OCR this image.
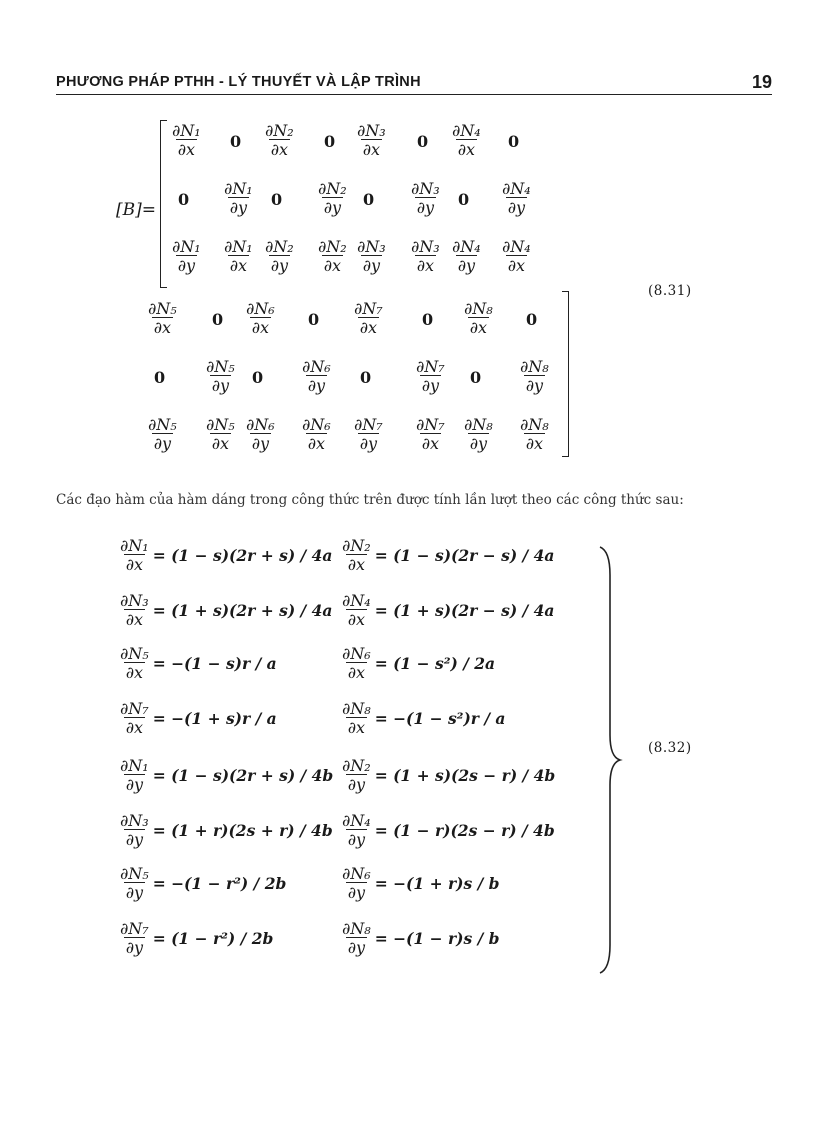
PHƯƠNG PHÁP PTHH - LÝ THUYẾT VÀ LẬP TRÌNH	19
[B]=
$\frac{\text{∂N₁}}{\partial x} 0 \frac{\text{∂N₂}}{\partial x} 0 \frac{\text{∂N₃}}{\partial x} 0 \frac{\text{∂N₄}}{\partial x} 0$
$0 \frac{\text{∂N₁}}{\partial y} 0 \frac{\text{∂N₂}}{\partial y} 0 \frac{\text{∂N₃}}{\partial y} 0 \frac{\text{∂N₄}}{\partial y}$
$\frac{\text{∂N₁}}{\partial y} \frac{\text{∂N₁}}{\partial x} \frac{\text{∂N₂}}{\partial y} \frac{\text{∂N₂}}{\partial x} \frac{\text{∂N₃}}{\partial y} \frac{\text{∂N₃}}{\partial x} \frac{\text{∂N₄}}{\partial y} \frac{\text{∂N₄}}{\partial x}$
$\frac{\text{∂N₅}}{\partial x} 0 \frac{\text{∂N₆}}{\partial x} 0 \frac{\text{∂N₇}}{\partial x} 0 \frac{\text{∂N₈}}{\partial x} 0$
$0 \frac{\text{∂N₅}}{\partial y} 0 \frac{\text{∂N₆}}{\partial y} 0$	$\frac{\text{∂N₇}}{\partial y} 0 \frac{\text{∂N₈}}{\partial y}$
$\frac{\text{∂N₅}}{\partial y} \frac{\text{∂N₅}}{\partial x} \frac{\text{∂N₆}}{\partial y} \frac{\text{∂N₆}}{\partial x} \frac{\text{∂N₇}}{\partial y} \frac{\text{∂N₇}}{\partial x} \frac{\text{∂N₈}}{\partial y} \frac{\text{∂N₈}}{\partial x}$
(8.31)

Các đạo hàm của hàm dáng trong công thức trên được tính lần lượt theo các công thức sau:

$\frac{\text{∂N₁}}{\partial x} = (1 - s)(2r + s) / 4a \frac{\text{∂N₂}}{\partial x} = (1 - s)(2r - s) / 4a$
$\frac{\text{∂N₃}}{\partial x} = (1 + s)(2r + s) / 4a \frac{\text{∂N₄}}{\partial x} = (1 + s)(2r - s) / 4a$
$\frac{\text{∂N₅}}{\partial x} = -(1 - s)r / a$	$\frac{\text{∂N₆}}{\partial x} = (1 - s^2) / 2a$
$\frac{\text{∂N₇}}{\partial x} = -(1 + s)r / a$	$\frac{\text{∂N₈}}{\partial x} = -(1 - s^2)r / a$
$\frac{\text{∂N₁}}{\partial y} = (1 - s)(2r + s) / 4b \frac{\text{∂N₂}}{\partial y} = (1 + s)(2s - r) / 4b$
$\frac{\text{∂N₃}}{\partial y} = (1 + r)(2s + r) / 4b \frac{\text{∂N₄}}{\partial y} = (1 - r)(2s - r) / 4b$
$\frac{\text{∂N₅}}{\partial y} = -(1 - r^2) / 2b$	$\frac{\text{∂N₆}}{\partial y} = -(1 + r)s / b$
$\frac{\text{∂N₇}}{\partial y} = (1 - r^2) / 2b$	$\frac{\text{∂N₈}}{\partial y} = -(1 - r)s / b$
(8.32)
